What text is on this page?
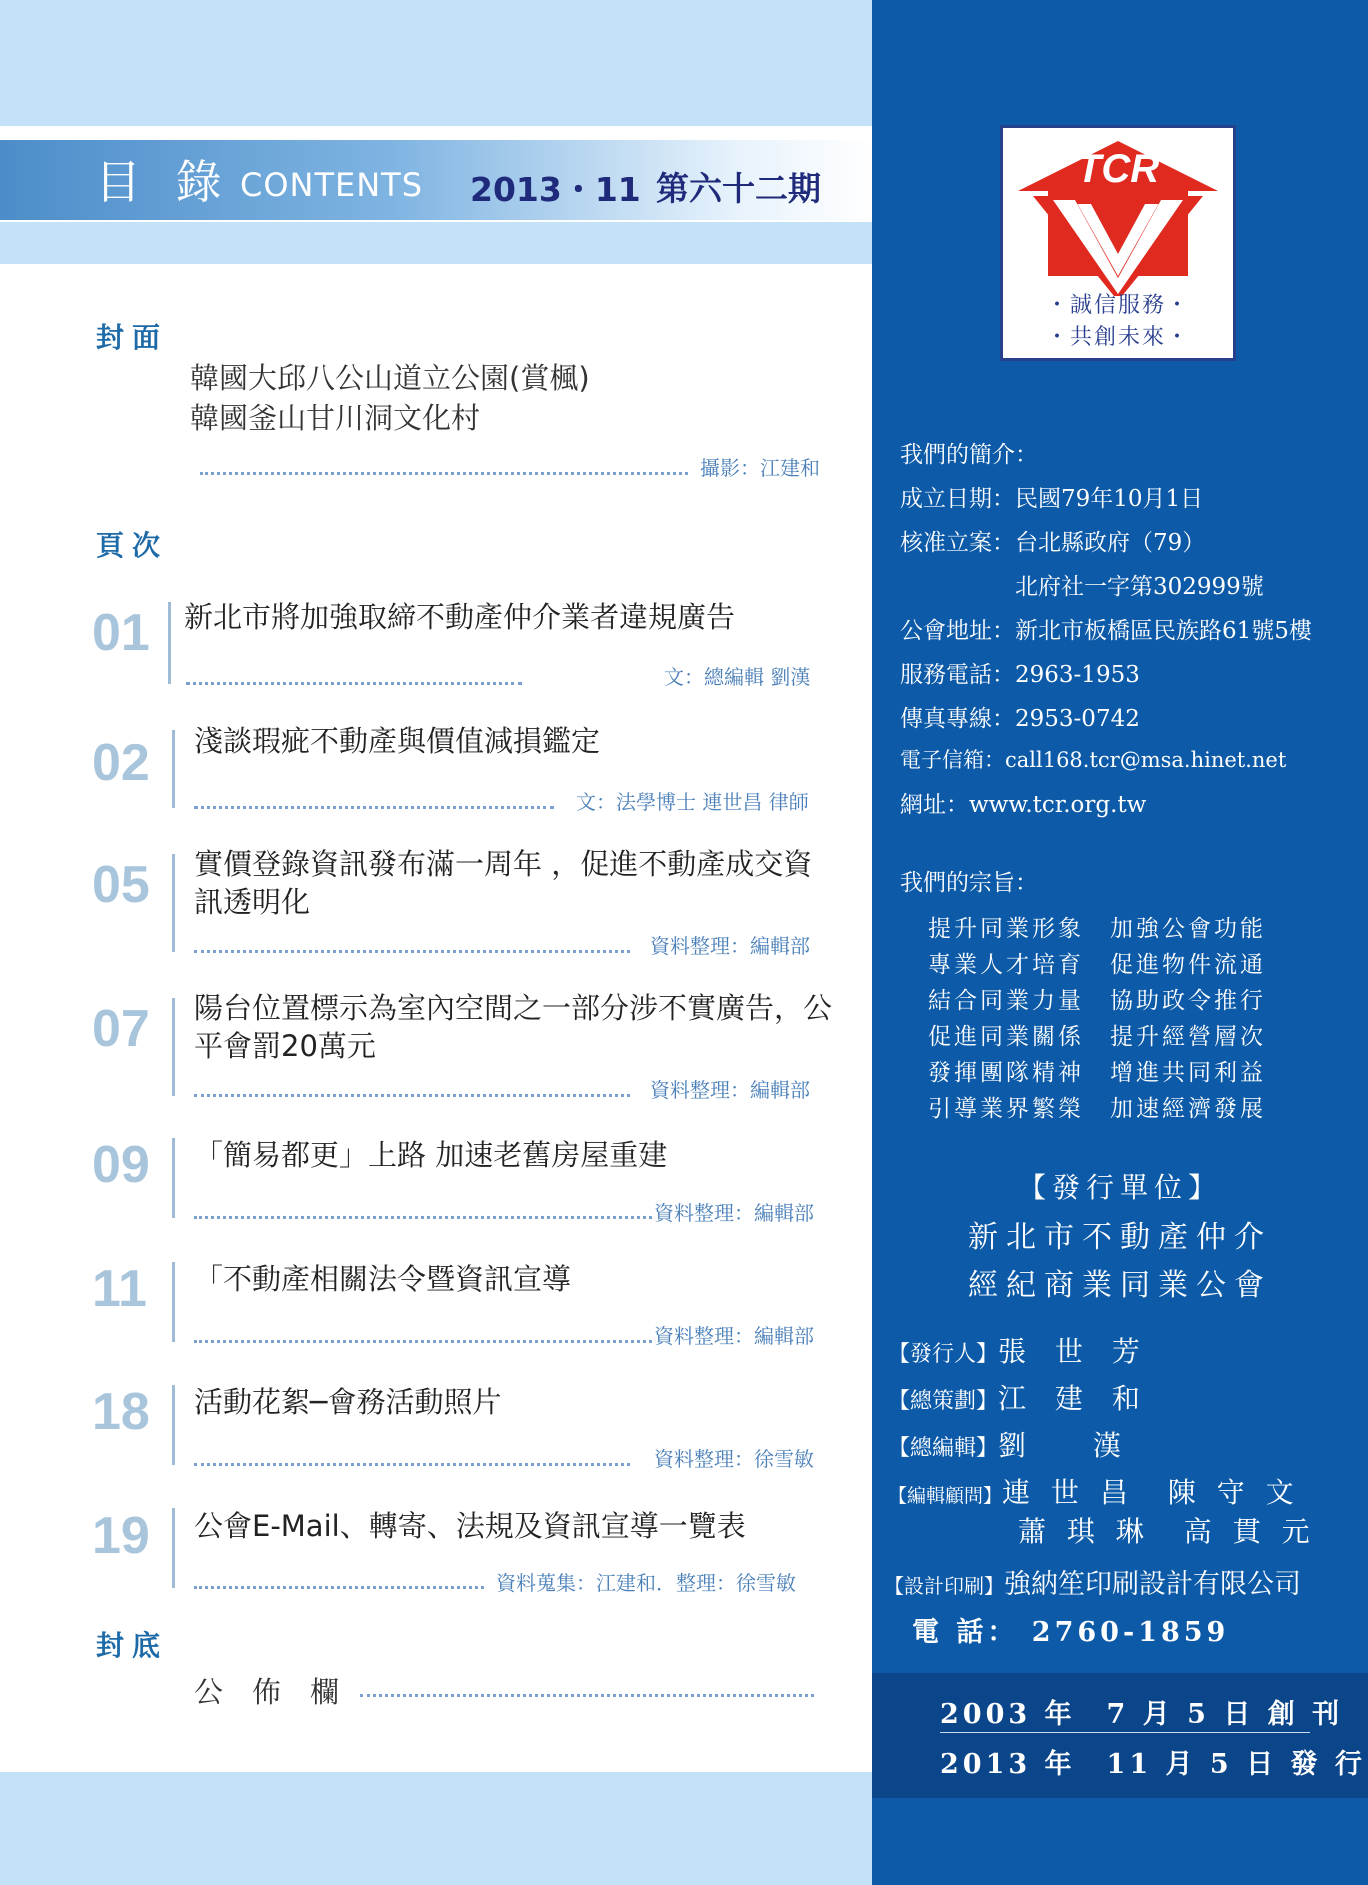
目 錄 CONTENTS 2013・11 第六十二期
封面
韓國大邱八公山道立公園(賞楓)
韓國釜山甘川洞文化村
攝影：江建和
頁次
01 新北市將加強取締不動產仲介業者違規廣告
文：總編輯 劉漢
02 淺談瑕疵不動產與價值減損鑑定
文：法學博士 連世昌 律師
05 實價登錄資訊發布滿一周年 ，促進不動產成交資訊透明化
資料整理：編輯部
07 陽台位置標示為室內空間之一部分涉不實廣告，公平會罰20萬元
資料整理：編輯部
09 「簡易都更」上路 加速老舊房屋重建
資料整理：編輯部
11 「不動產相關法令暨資訊宣導
資料整理：編輯部
18 活動花絮─會務活動照片
資料整理：徐雪敏
19 公會E-Mail、轉寄、法規及資訊宣導一覽表
資料蒐集：江建和．整理：徐雪敏
封底
公　佈　欄
TCR
・誠信服務・
・共創未來・
我們的簡介：
成立日期：民國79年10月1日
核准立案：台北縣政府（79）
　　　　　北府社一字第302999號
公會地址：新北市板橋區民族路61號5樓
服務電話：2963-1953
傳真專線：2953-0742
電子信箱：call168.tcr@msa.hinet.net
網址：www.tcr.org.tw
我們的宗旨：
提升同業形象　加強公會功能
專業人才培育　促進物件流通
結合同業力量　協助政令推行
促進同業關係　提升經營層次
發揮團隊精神　增進共同利益
引導業界繁榮　加速經濟發展
【發行單位】
新北市不動產仲介
經紀商業同業公會
【發行人】張 世 芳
【總策劃】江 建 和
【總編輯】劉　 漢
【編輯顧問】連 世 昌　陳 守 文
蕭 琪 琳　高 貫 元
【設計印刷】強納笙印刷設計有限公司
電 話： 2760-1859
2003 年　7 月 5 日 創 刊
2013 年　11 月 5 日 發 行
